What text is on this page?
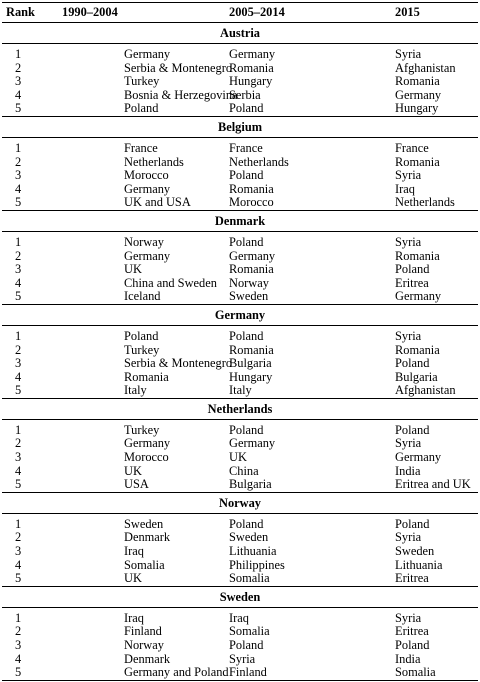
Rank	1990–2004	2005–2014	2015
Austria			

1	Germany	Germany	Syria
2	Serbia & Montenegro	Romania	Afghanistan
3	Turkey	Hungary	Romania
4	Bosnia & Herzegovina	Serbia	Germany
5	Poland	Poland	Hungary
Belgium			

1	France	France	France
2	Netherlands	Netherlands	Romania
3	Morocco	Poland	Syria
4	Germany	Romania	Iraq
5	UK and USA	Morocco	Netherlands
Denmark			

1	Norway	Poland	Syria
2	Germany	Germany	Romania
3	UK	Romania	Poland
4	China and Sweden	Norway	Eritrea
5	Iceland	Sweden	Germany
Germany			

1	Poland	Poland	Syria
2	Turkey	Romania	Romania
3	Serbia & Montenegro	Bulgaria	Poland
4	Romania	Hungary	Bulgaria
5	Italy	Italy	Afghanistan
Netherlands			

1	Turkey	Poland	Poland
2	Germany	Germany	Syria
3	Morocco	UK	Germany
4	UK	China	India
5	USA	Bulgaria	Eritrea and UK
Norway			

1	Sweden	Poland	Poland
2	Denmark	Sweden	Syria
3	Iraq	Lithuania	Sweden
4	Somalia	Philippines	Lithuania
5	UK	Somalia	Eritrea
Sweden			

1	Iraq	Iraq	Syria
2	Finland	Somalia	Eritrea
3	Norway	Poland	Poland
4	Denmark	Syria	India
5	Germany and Poland	Finland	Somalia
